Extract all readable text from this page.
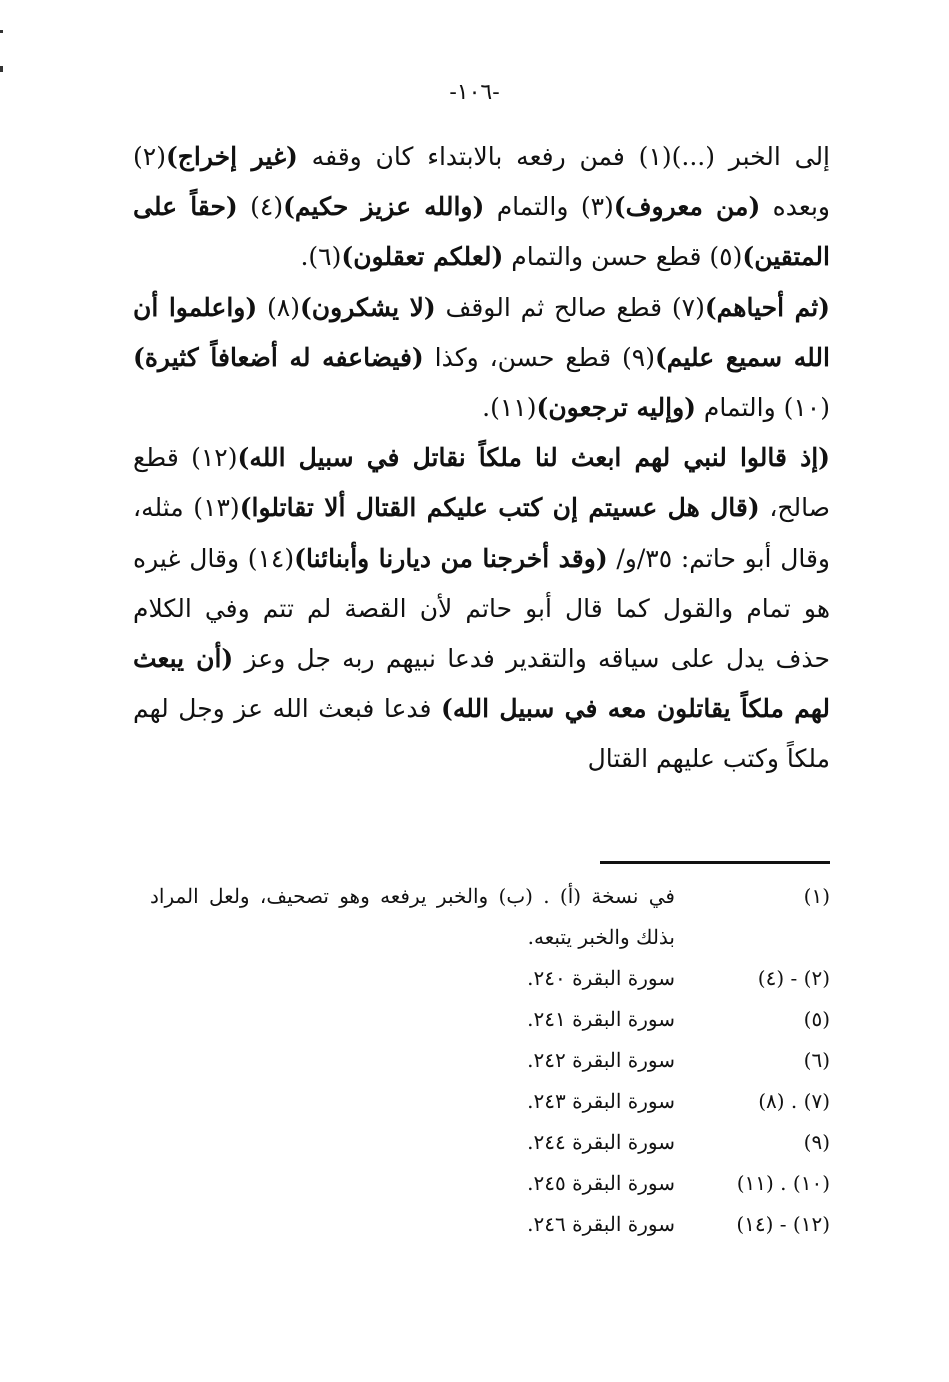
-١٠٦-

إلى الخبر (...)(١) فمن رفعه بالابتداء كان وقفه (غير إخراج)(٢) وبعده (من معروف)(٣) والتمام (والله عزيز حكيم)(٤) (حقاً على المتقين)(٥) قطع حسن والتمام (لعلكم تعقلون)(٦).

(ثم أحياهم)(٧) قطع صالح ثم الوقف (لا يشكرون)(٨) (واعلموا أن الله سميع عليم)(٩) قطع حسن، وكذا (فيضاعفه له أضعافاً كثيرة)(١٠) والتمام (وإليه ترجعون)(١١).

(إذ قالوا لنبي لهم ابعث لنا ملكاً نقاتل في سبيل الله)(١٢) قطع صالح، (قال هل عسيتم إن كتب عليكم القتال ألا تقاتلوا)(١٣) مثله، وقال أبو حاتم: ٣٥/و/ (وقد أخرجنا من ديارنا وأبنائنا)(١٤) وقال غيره هو تمام والقول كما قال أبو حاتم لأن القصة لم تتم وفي الكلام حذف يدل على سياقه والتقدير فدعا نبيهم ربه جل وعز (أن يبعث لهم ملكاً يقاتلون معه في سبيل الله) فدعا فبعث الله عز وجل لهم ملكاً وكتب عليهم القتال

(١)
في نسخة (أ) . (ب) والخبر يرفعه وهو تصحيف، ولعل المراد بذلك والخبر يتبعه.
(٢) - (٤)
سورة البقرة ٢٤٠.
(٥)
سورة البقرة ٢٤١.
(٦)
سورة البقرة ٢٤٢.
(٧) . (٨)
سورة البقرة ٢٤٣.
(٩)
سورة البقرة ٢٤٤.
(١٠) . (١١)
سورة البقرة ٢٤٥.
(١٢) - (١٤)
سورة البقرة ٢٤٦.
